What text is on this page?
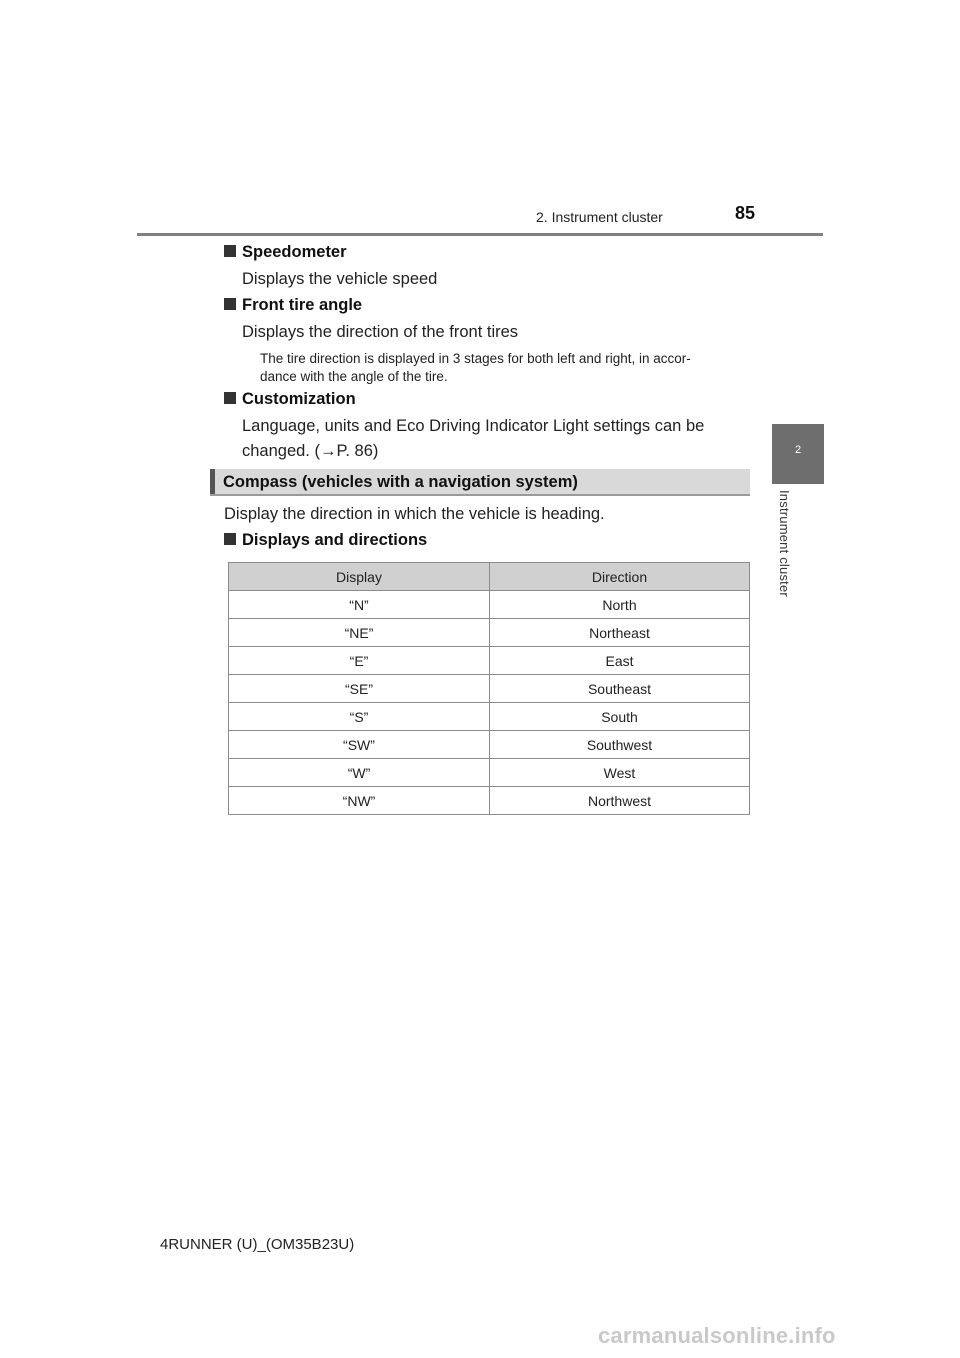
2. Instrument cluster	85
2
Instrument cluster
Speedometer
Displays the vehicle speed
Front tire angle
Displays the direction of the front tires
The tire direction is displayed in 3 stages for both left and right, in accor-
dance with the angle of the tire.
Customization
Language, units and Eco Driving Indicator Light settings can be
changed. (→P. 86)
Compass (vehicles with a navigation system)
Display the direction in which the vehicle is heading.
Displays and directions
Display	Direction
“N”	North
“NE”	Northeast
“E”	East
“SE”	Southeast
“S”	South
“SW”	Southwest
“W”	West
“NW”	Northwest
4RUNNER (U)_(OM35B23U)
carmanualsonline.info
